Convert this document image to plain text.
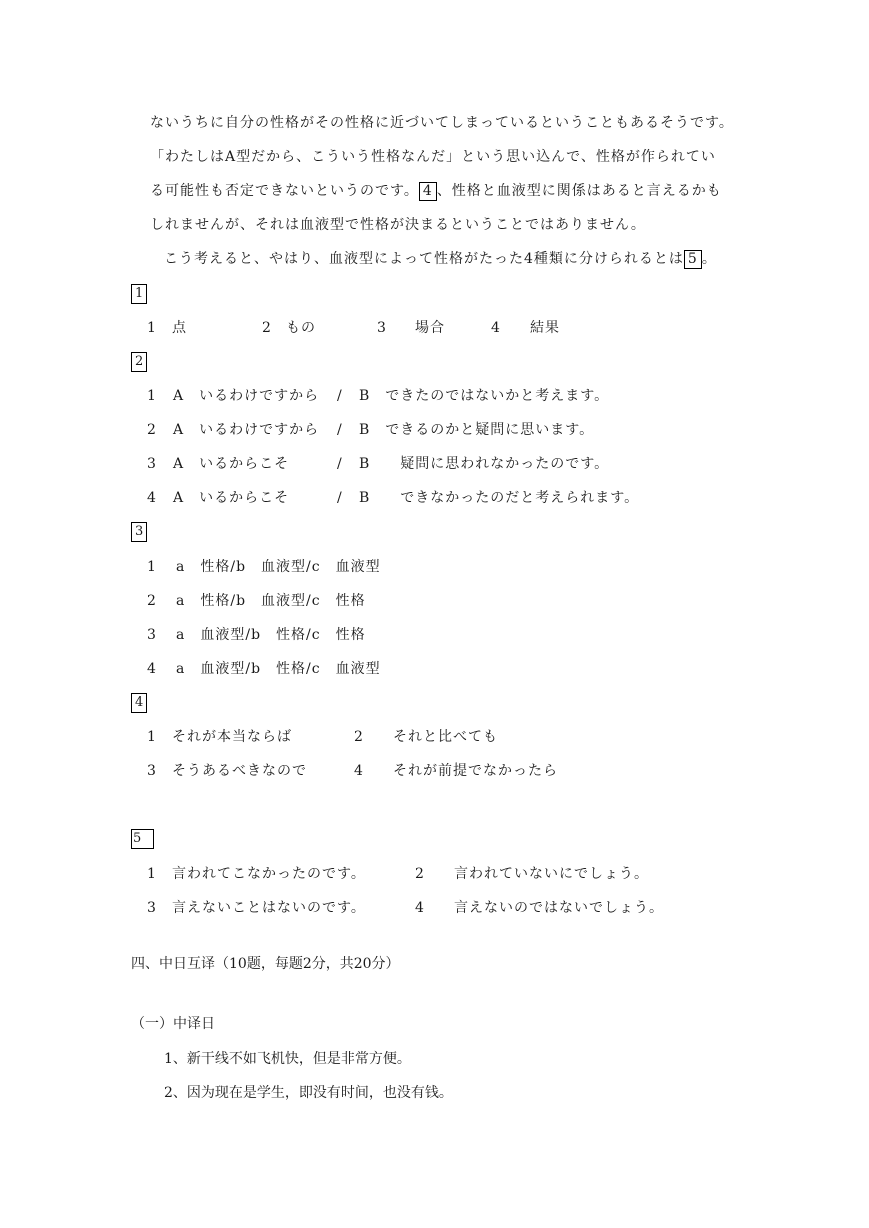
ないうちに自分の性格がその性格に近づいてしまっているということもあるそうです。
「わたしはA型だから、こういう性格なんだ」という思い込んで、性格が作られてい
る可能性も否定できないというのです。 4 、性格と血液型に関係はあると言えるかも
しれませんが、それは血液型で性格が決まるということではありません。
こう考えると、やはり、血液型によって性格がたった4種類に分けられるとは 5 。
1
1 点	2 もの	3 場合	4 結果
2
1 A　いるわけですから / B　できたのではないかと考えます。
2 A　いるわけですから / B　できるのかと疑問に思います。
3 A　いるからこそ	/ B　　疑問に思われなかったのです。
4 A　いるからこそ	/ B　　できなかったのだと考えられます。
3
1 a　性格/b　血液型/c　血液型
2 a　性格/b　血液型/c　性格
3 a　血液型/b　性格/c　性格
4 a　血液型/b　性格/c　血液型
4
1 それが本当ならば	2 それと比べても
3 そうあるべきなので	4 それが前提でなかったら
5
1 言われてこなかったのです。	2 言われていないにでしょう。
3 言えないことはないのです。	4 言えないのではないでしょう。
四、中日互译（10题，每题2分，共20分）
（一）中译日
1、新干线不如飞机快，但是非常方便。
2、因为现在是学生，即没有时间，也没有钱。
